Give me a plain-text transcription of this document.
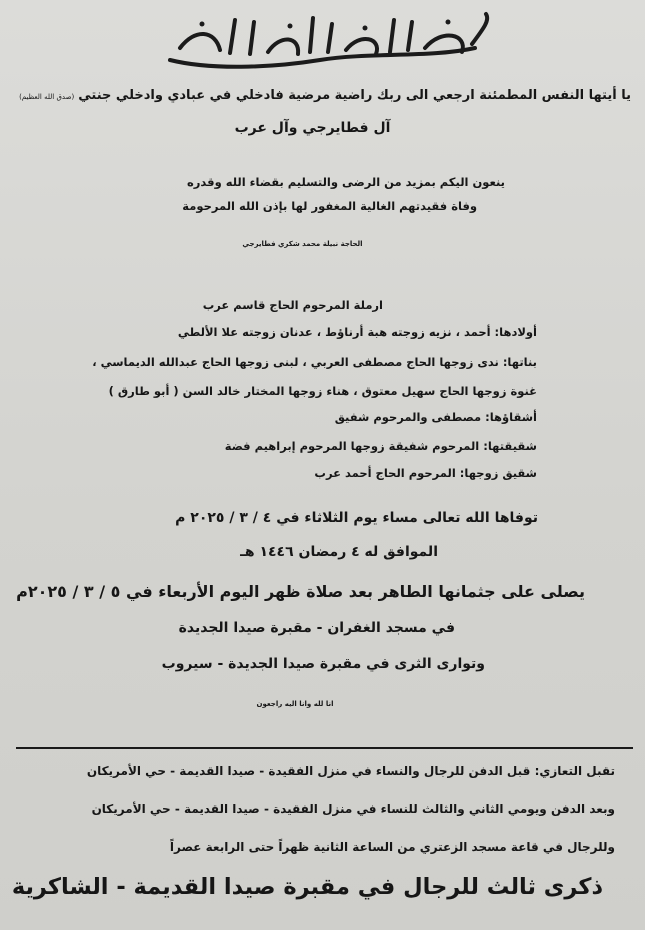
يا أيتها النفس المطمئنة ارجعي الى ربك راضية مرضية فادخلي في عبادي وادخلي جنتي(صدق الله العظيم)
آل فطايرجي وآل عرب
ينعون اليكم بمزيد من الرضى والتسليم بقضاء الله وقدره
وفاة فقيدتهم الغالية المغفور لها بإذن الله المرحومة
الحاجة نبيلة محمد شكري فطايرجي
ارملة المرحوم الحاج قاسم عرب
أولادها: أحمد ، نزيه زوجته هبة أرناؤط ، عدنان زوجته علا الألطي
بناتها: ندى زوجها الحاج مصطفى العربي ، لبنى زوجها الحاج عبدالله الديماسي ،
غنوة زوجها الحاج سهيل معتوق ، هناء زوجها المختار خالد السن ( أبو طارق )
أشقاؤها: مصطفى والمرحوم شفيق
شقيقتها: المرحوم شفيقة زوجها المرحوم إبراهيم فضة
شقيق زوجها: المرحوم الحاج أحمد عرب
توفاها الله تعالى مساء يوم الثلاثاء في ٤ / ٣ / ٢٠٢٥ م
الموافق له ٤ رمضان ١٤٤٦ هـ
يصلى على جثمانها الطاهر بعد صلاة ظهر اليوم الأربعاء في ٥ / ٣ / ٢٠٢٥م
في مسجد الغفران - مقبرة صيدا الجديدة
وتوارى الثرى في مقبرة صيدا الجديدة - سيروب
انا لله وانا اليه راجعون
تقبل التعازي: قبل الدفن للرجال والنساء في منزل الفقيدة - صيدا القديمة - حي الأمريكان
وبعد الدفن ويومي الثاني والثالث للنساء في منزل الفقيدة - صيدا القديمة - حي الأمريكان
وللرجال في قاعة مسجد الزعتري من الساعة الثانية ظهراً حتى الرابعة عصراً
ذكرى ثالث للرجال في مقبرة صيدا القديمة - الشاكرية
